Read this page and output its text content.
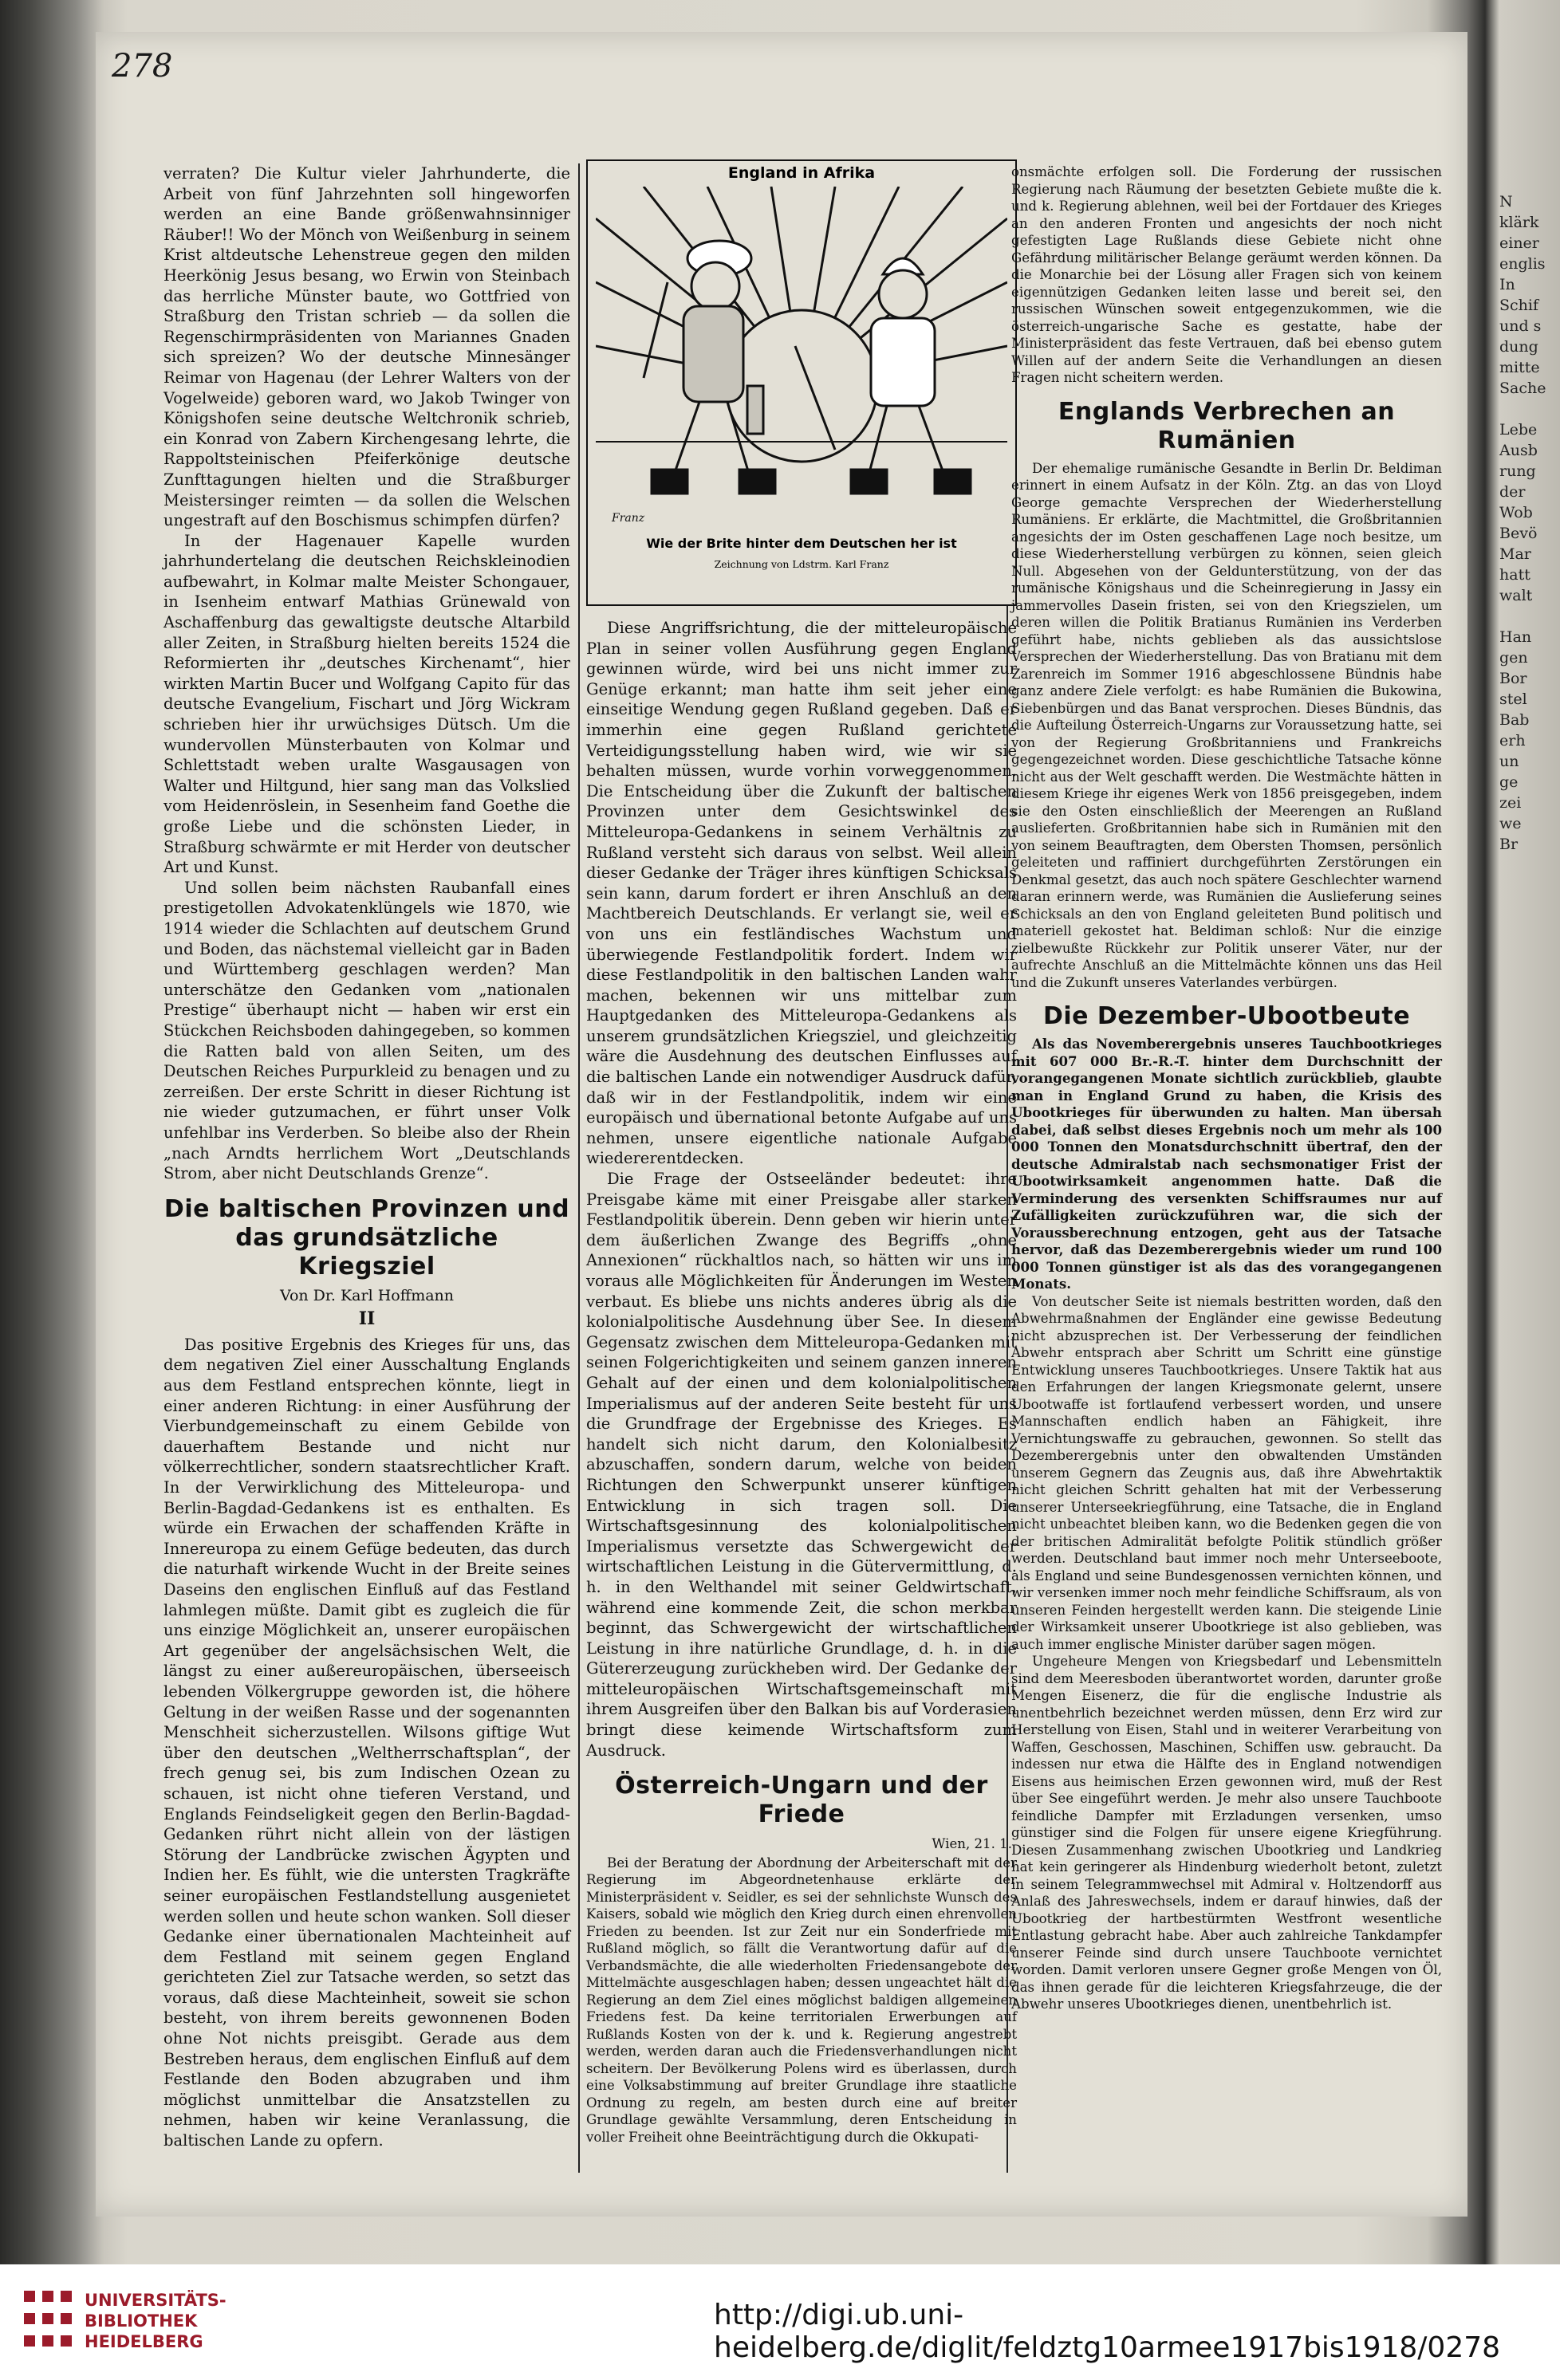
278

verraten? Die Kultur vieler Jahrhunderte, die Arbeit von fünf Jahrzehnten soll hingeworfen werden an eine Bande größenwahnsinniger Räuber!! Wo der Mönch von Weißenburg in seinem Krist altdeutsche Lehenstreue gegen den milden Heerkönig Jesus besang, wo Erwin von Steinbach das herrliche Münster baute, wo Gottfried von Straßburg den Tristan schrieb — da sollen die Regenschirmpräsidenten von Mariannes Gnaden sich spreizen? Wo der deutsche Minnesänger Reimar von Hagenau (der Lehrer Walters von der Vogelweide) geboren ward, wo Jakob Twinger von Königshofen seine deutsche Weltchronik schrieb, ein Konrad von Zabern Kirchengesang lehrte, die Rappoltsteinischen Pfeiferkönige deutsche Zunfttagungen hielten und die Straßburger Meistersinger reimten — da sollen die Welschen ungestraft auf den Boschismus schimpfen dürfen?

In der Hagenauer Kapelle wurden jahrhundertelang die deutschen Reichskleinodien aufbewahrt, in Kolmar malte Meister Schongauer, in Isenheim entwarf Mathias Grünewald von Aschaffenburg das gewaltigste deutsche Altarbild aller Zeiten, in Straßburg hielten bereits 1524 die Reformierten ihr „deutsches Kirchenamt“, hier wirkten Martin Bucer und Wolfgang Capito für das deutsche Evangelium, Fischart und Jörg Wickram schrieben hier ihr urwüchsiges Dütsch. Um die wundervollen Münsterbauten von Kolmar und Schlettstadt weben uralte Wasgausagen von Walter und Hiltgund, hier sang man das Volkslied vom Heidenröslein, in Sesenheim fand Goethe die große Liebe und die schönsten Lieder, in Straßburg schwärmte er mit Herder von deutscher Art und Kunst.

Und sollen beim nächsten Raubanfall eines prestigetollen Advokatenklüngels wie 1870, wie 1914 wieder die Schlachten auf deutschem Grund und Boden, das nächstemal vielleicht gar in Baden und Württemberg geschlagen werden? Man unterschätze den Gedanken vom „nationalen Prestige“ überhaupt nicht — haben wir erst ein Stückchen Reichsboden dahingegeben, so kommen die Ratten bald von allen Seiten, um des Deutschen Reiches Purpurkleid zu benagen und zu zerreißen. Der erste Schritt in dieser Richtung ist nie wieder gutzumachen, er führt unser Volk unfehlbar ins Verderben. So bleibe also der Rhein „nach Arndts herrlichem Wort „Deutschlands Strom, aber nicht Deutschlands Grenze“.

Die baltischen Provinzen und das grundsätzliche Kriegsziel
Von Dr. Karl Hoffmann
II

Das positive Ergebnis des Krieges für uns, das dem negativen Ziel einer Ausschaltung Englands aus dem Festland entsprechen könnte, liegt in einer anderen Richtung: in einer Ausführung der Vierbundgemeinschaft zu einem Gebilde von dauerhaftem Bestande und nicht nur völkerrechtlicher, sondern staatsrechtlicher Kraft. In der Verwirklichung des Mitteleuropa- und Berlin-Bagdad-Gedankens ist es enthalten. Es würde ein Erwachen der schaffenden Kräfte in Innereuropa zu einem Gefüge bedeuten, das durch die naturhaft wirkende Wucht in der Breite seines Daseins den englischen Einfluß auf das Festland lahmlegen müßte. Damit gibt es zugleich die für uns einzige Möglichkeit an, unserer europäischen Art gegenüber der angelsächsischen Welt, die längst zu einer außereuropäischen, überseeisch lebenden Völkergruppe geworden ist, die höhere Geltung in der weißen Rasse und der sogenannten Menschheit sicherzustellen. Wilsons giftige Wut über den deutschen „Weltherrschaftsplan“, der frech genug sei, bis zum Indischen Ozean zu schauen, ist nicht ohne tieferen Verstand, und Englands Feindseligkeit gegen den Berlin-Bagdad-Gedanken rührt nicht allein von der lästigen Störung der Landbrücke zwischen Ägypten und Indien her. Es fühlt, wie die untersten Tragkräfte seiner europäischen Festlandstellung ausgenietet werden sollen und heute schon wanken. Soll dieser Gedanke einer übernationalen Machteinheit auf dem Festland mit seinem gegen England gerichteten Ziel zur Tatsache werden, so setzt das voraus, daß diese Machteinheit, soweit sie schon besteht, von ihrem bereits gewonnenen Boden ohne Not nichts preisgibt. Gerade aus dem Bestreben heraus, dem englischen Einfluß auf dem Festlande den Boden abzugraben und ihm möglichst unmittelbar die Ansatzstellen zu nehmen, haben wir keine Veranlassung, die baltischen Lande zu opfern.

England in Afrika
Franz
Wie der Brite hinter dem Deutschen her ist
Zeichnung von Ldstrm. Karl Franz

Diese Angriffsrichtung, die der mitteleuropäische Plan in seiner vollen Ausführung gegen England gewinnen würde, wird bei uns nicht immer zur Genüge erkannt; man hatte ihm seit jeher eine einseitige Wendung gegen Rußland gegeben. Daß er immerhin eine gegen Rußland gerichtete Verteidigungsstellung haben wird, wie wir sie behalten müssen, wurde vorhin vorweggenommen. Die Entscheidung über die Zukunft der baltischen Provinzen unter dem Gesichtswinkel des Mitteleuropa-Gedankens in seinem Verhältnis zu Rußland versteht sich daraus von selbst. Weil allein dieser Gedanke der Träger ihres künftigen Schicksals sein kann, darum fordert er ihren Anschluß an den Machtbereich Deutschlands. Er verlangt sie, weil er von uns ein festländisches Wachstum und überwiegende Festlandpolitik fordert. Indem wir diese Festlandpolitik in den baltischen Landen wahr machen, bekennen wir uns mittelbar zum Hauptgedanken des Mitteleuropa-Gedankens als unserem grundsätzlichen Kriegsziel, und gleichzeitig wäre die Ausdehnung des deutschen Einflusses auf die baltischen Lande ein notwendiger Ausdruck dafür, daß wir in der Festlandpolitik, indem wir eine europäisch und übernational betonte Aufgabe auf uns nehmen, unsere eigentliche nationale Aufgabe wiedererentdecken.

Die Frage der Ostseeländer bedeutet: ihre Preisgabe käme mit einer Preisgabe aller starken Festlandpolitik überein. Denn geben wir hierin unter dem äußerlichen Zwange des Begriffs „ohne Annexionen“ rückhaltlos nach, so hätten wir uns im voraus alle Möglichkeiten für Änderungen im Westen verbaut. Es bliebe uns nichts anderes übrig als die kolonialpolitische Ausdehnung über See. In diesem Gegensatz zwischen dem Mitteleuropa-Gedanken mit seinen Folgerichtigkeiten und seinem ganzen inneren Gehalt auf der einen und dem kolonialpolitischen Imperialismus auf der anderen Seite besteht für uns die Grundfrage der Ergebnisse des Krieges. Es handelt sich nicht darum, den Kolonialbesitz abzuschaffen, sondern darum, welche von beiden Richtungen den Schwerpunkt unserer künftigen Entwicklung in sich tragen soll. Die Wirtschaftsgesinnung des kolonialpolitischen Imperialismus versetzte das Schwergewicht der wirtschaftlichen Leistung in die Gütervermittlung, d. h. in den Welthandel mit seiner Geldwirtschaft, während eine kommende Zeit, die schon merkbar beginnt, das Schwergewicht der wirtschaftlichen Leistung in ihre natürliche Grundlage, d. h. in die Gütererzeugung zurückheben wird. Der Gedanke der mitteleuropäischen Wirtschaftsgemeinschaft mit ihrem Ausgreifen über den Balkan bis auf Vorderasien bringt diese keimende Wirtschaftsform zum Ausdruck.

Österreich-Ungarn und der Friede
Wien, 21. 1.

Bei der Beratung der Abordnung der Arbeiterschaft mit der Regierung im Abgeordnetenhause erklärte der Ministerpräsident v. Seidler, es sei der sehnlichste Wunsch des Kaisers, sobald wie möglich den Krieg durch einen ehrenvollen Frieden zu beenden. Ist zur Zeit nur ein Sonderfriede mit Rußland möglich, so fällt die Verantwortung dafür auf die Verbandsmächte, die alle wiederholten Friedensangebote der Mittelmächte ausgeschlagen haben; dessen ungeachtet hält die Regierung an dem Ziel eines möglichst baldigen allgemeinen Friedens fest. Da keine territorialen Erwerbungen auf Rußlands Kosten von der k. und k. Regierung angestrebt werden, werden daran auch die Friedensverhandlungen nicht scheitern. Der Bevölkerung Polens wird es überlassen, durch eine Volksabstimmung auf breiter Grundlage ihre staatliche Ordnung zu regeln, am besten durch eine auf breiter Grundlage gewählte Versammlung, deren Entscheidung in voller Freiheit ohne Beeinträchtigung durch die Okkupati-

onsmächte erfolgen soll. Die Forderung der russischen Regierung nach Räumung der besetzten Gebiete mußte die k. und k. Regierung ablehnen, weil bei der Fortdauer des Krieges an den anderen Fronten und angesichts der noch nicht gefestigten Lage Rußlands diese Gebiete nicht ohne Gefährdung militärischer Belange geräumt werden können. Da die Monarchie bei der Lösung aller Fragen sich von keinem eigennützigen Gedanken leiten lasse und bereit sei, den russischen Wünschen soweit entgegenzukommen, wie die österreich-ungarische Sache es gestatte, habe der Ministerpräsident das feste Vertrauen, daß bei ebenso gutem Willen auf der andern Seite die Verhandlungen an diesen Fragen nicht scheitern werden.

Englands Verbrechen an Rumänien

Der ehemalige rumänische Gesandte in Berlin Dr. Beldiman erinnert in einem Aufsatz in der Köln. Ztg. an das von Lloyd George gemachte Versprechen der Wiederherstellung Rumäniens. Er erklärte, die Machtmittel, die Großbritannien angesichts der im Osten geschaffenen Lage noch besitze, um diese Wiederherstellung verbürgen zu können, seien gleich Null. Abgesehen von der Geldunterstützung, von der das rumänische Königshaus und die Scheinregierung in Jassy ein jammervolles Dasein fristen, sei von den Kriegszielen, um deren willen die Politik Bratianus Rumänien ins Verderben geführt habe, nichts geblieben als das aussichtslose Versprechen der Wiederherstellung. Das von Bratianu mit dem Zarenreich im Sommer 1916 abgeschlossene Bündnis habe ganz andere Ziele verfolgt: es habe Rumänien die Bukowina, Siebenbürgen und das Banat versprochen. Dieses Bündnis, das die Aufteilung Österreich-Ungarns zur Voraussetzung hatte, sei von der Regierung Großbritanniens und Frankreichs gegengezeichnet worden. Diese geschichtliche Tatsache könne nicht aus der Welt geschafft werden. Die Westmächte hätten in diesem Kriege ihr eigenes Werk von 1856 preisgegeben, indem sie den Osten einschließlich der Meerengen an Rußland auslieferten. Großbritannien habe sich in Rumänien mit den von seinem Beauftragten, dem Obersten Thomsen, persönlich geleiteten und raffiniert durchgeführten Zerstörungen ein Denkmal gesetzt, das auch noch spätere Geschlechter warnend daran erinnern werde, was Rumänien die Auslieferung seines Schicksals an den von England geleiteten Bund politisch und materiell gekostet hat. Beldiman schloß: Nur die einzige zielbewußte Rückkehr zur Politik unserer Väter, nur der aufrechte Anschluß an die Mittelmächte können uns das Heil und die Zukunft unseres Vaterlandes verbürgen.

Die Dezember-Ubootbeute

Als das Novemberergebnis unseres Tauchbootkrieges mit 607 000 Br.-R.-T. hinter dem Durchschnitt der vorangegangenen Monate sichtlich zurückblieb, glaubte man in England Grund zu haben, die Krisis des Ubootkrieges für überwunden zu halten. Man übersah dabei, daß selbst dieses Ergebnis noch um mehr als 100 000 Tonnen den Monatsdurchschnitt übertraf, den der deutsche Admiralstab nach sechsmonatiger Frist der Ubootwirksamkeit angenommen hatte. Daß die Verminderung des versenkten Schiffsraumes nur auf Zufälligkeiten zurückzuführen war, die sich der Voraussberechnung entzogen, geht aus der Tatsache hervor, daß das Dezemberergebnis wieder um rund 100 000 Tonnen günstiger ist als das des vorangegangenen Monats.

Von deutscher Seite ist niemals bestritten worden, daß den Abwehrmaßnahmen der Engländer eine gewisse Bedeutung nicht abzusprechen ist. Der Verbesserung der feindlichen Abwehr entsprach aber Schritt um Schritt eine günstige Entwicklung unseres Tauchbootkrieges. Unsere Taktik hat aus den Erfahrungen der langen Kriegsmonate gelernt, unsere Ubootwaffe ist fortlaufend verbessert worden, und unsere Mannschaften endlich haben an Fähigkeit, ihre Vernichtungswaffe zu gebrauchen, gewonnen. So stellt das Dezemberergebnis unter den obwaltenden Umständen unserem Gegnern das Zeugnis aus, daß ihre Abwehrtaktik nicht gleichen Schritt gehalten hat mit der Verbesserung unserer Unterseekriegführung, eine Tatsache, die in England nicht unbeachtet bleiben kann, wo die Bedenken gegen die von der britischen Admiralität befolgte Politik stündlich größer werden. Deutschland baut immer noch mehr Unterseeboote, als England und seine Bundesgenossen vernichten können, und wir versenken immer noch mehr feindliche Schiffsraum, als von unseren Feinden hergestellt werden kann. Die steigende Linie der Wirksamkeit unserer Ubootkriege ist also geblieben, was auch immer englische Minister darüber sagen mögen.

Ungeheure Mengen von Kriegsbedarf und Lebensmitteln sind dem Meeresboden überantwortet worden, darunter große Mengen Eisenerz, die für die englische Industrie als unentbehrlich bezeichnet werden müssen, denn Erz wird zur Herstellung von Eisen, Stahl und in weiterer Verarbeitung von Waffen, Geschossen, Maschinen, Schiffen usw. gebraucht. Da indessen nur etwa die Hälfte des in England notwendigen Eisens aus heimischen Erzen gewonnen wird, muß der Rest über See eingeführt werden. Je mehr also unsere Tauchboote feindliche Dampfer mit Erzladungen versenken, umso günstiger sind die Folgen für unsere eigene Kriegführung. Diesen Zusammenhang zwischen Ubootkrieg und Landkrieg hat kein geringerer als Hindenburg wiederholt betont, zuletzt in seinem Telegrammwechsel mit Admiral v. Holtzendorff aus Anlaß des Jahreswechsels, indem er darauf hinwies, daß der Ubootkrieg der hartbestürmten Westfront wesentliche Entlastung gebracht habe. Aber auch zahlreiche Tankdampfer unserer Feinde sind durch unsere Tauchboote vernichtet worden. Damit verloren unsere Gegner große Mengen von Öl, das ihnen gerade für die leichteren Kriegsfahrzeuge, die der Abwehr unseres Ubootkrieges dienen, unentbehrlich ist.

N
klärk
einer
englis
In
Schif
und s
dung
mitte
Sache
Lebe
Ausb
rung
der
Wob
Bevö
Mar
hatt
walt
Han
gen
Bor
stel
Bab
erh
un
ge
zei
we
Br
UNIVERSITÄTS-
BIBLIOTHEK
HEIDELBERG
http://digi.ub.uni-heidelberg.de/diglit/feldztg10armee1917bis1918/0278
